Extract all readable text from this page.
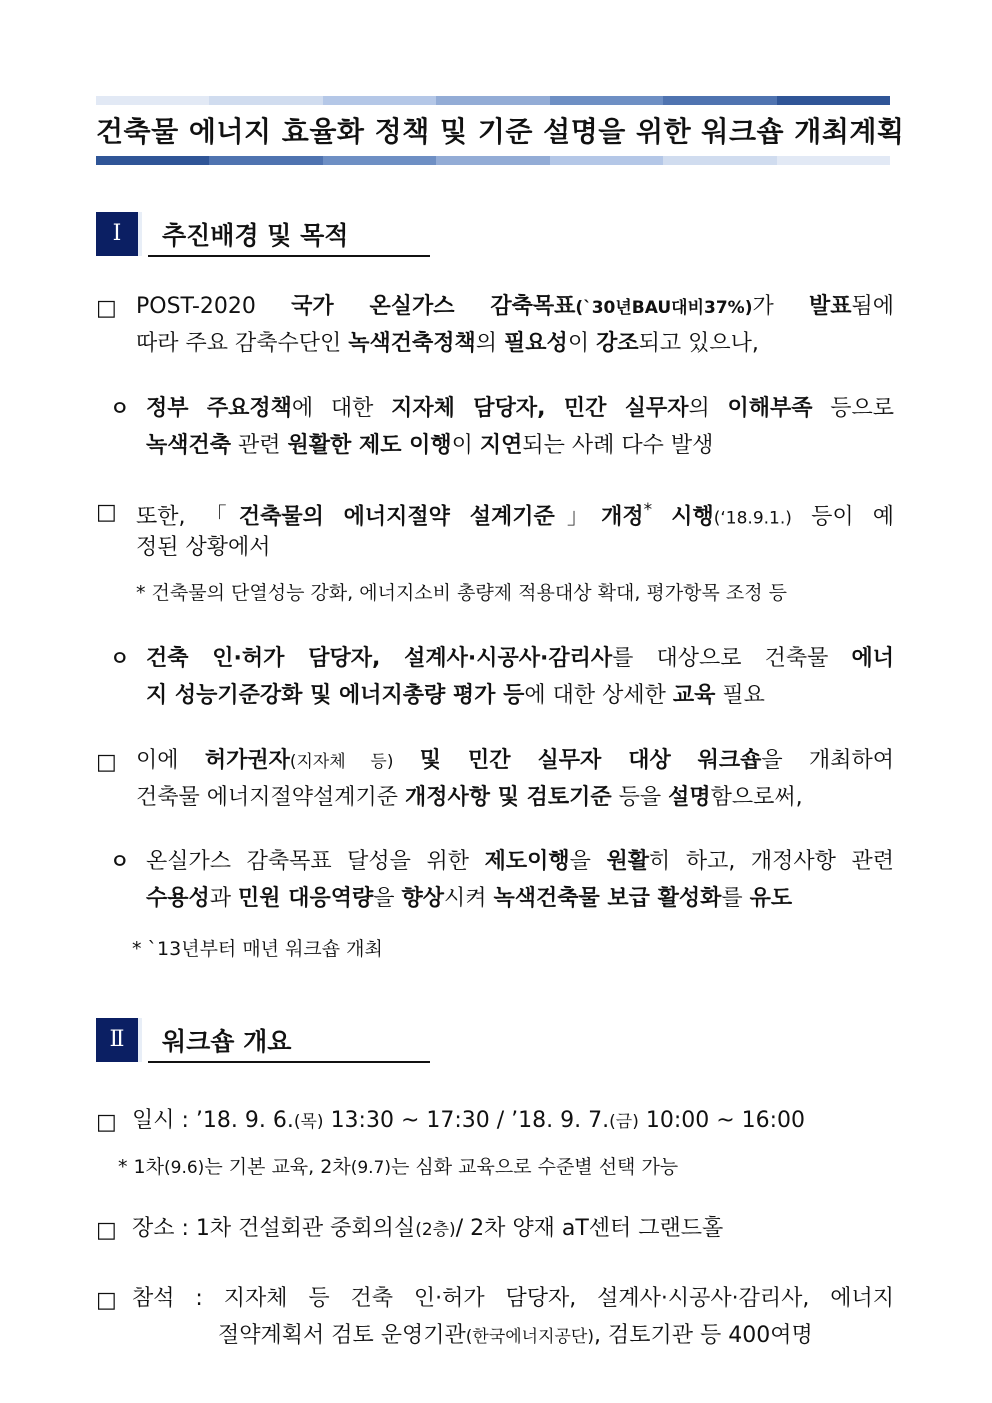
건축물 에너지 효율화 정책 및 기준 설명을 위한 워크숍 개최계획
Ⅰ	추진배경 및 목적
□ POST-2020 국가 온실가스 감축목표(`30년BAU대비37%)가 발표됨에
따라 주요 감축수단인 녹색건축정책의 필요성이 강조되고 있으나,
ㅇ 정부 주요정책에 대한 지자체 담당자, 민간 실무자의 이해부족 등으로
녹색건축 관련 원활한 제도 이행이 지연되는 사례 다수 발생
□ 또한, 「건축물의 에너지절약 설계기준」개정* 시행(‘18.9.1.) 등이 예
정된 상황에서
* 건축물의 단열성능 강화, 에너지소비 총량제 적용대상 확대, 평가항목 조정 등
ㅇ 건축 인·허가 담당자, 설계사·시공사·감리사를 대상으로 건축물 에너
지 성능기준강화 및 에너지총량 평가 등에 대한 상세한 교육 필요
□ 이에 허가권자(지자체 등) 및 민간 실무자 대상 워크숍을 개최하여
건축물 에너지절약설계기준 개정사항 및 검토기준 등을 설명함으로써,
ㅇ 온실가스 감축목표 달성을 위한 제도이행을 원활히 하고, 개정사항 관련
수용성과 민원 대응역량을 향상시켜 녹색건축물 보급 활성화를 유도
* `13년부터 매년 워크숍 개최
Ⅱ	워크숍 개요
□ 일시 : ’18. 9. 6.(목) 13:30 ~ 17:30 / ’18. 9. 7.(금) 10:00 ~ 16:00
* 1차(9.6)는 기본 교육, 2차(9.7)는 심화 교육으로 수준별 선택 가능
□ 장소 : 1차 건설회관 중회의실(2층)/ 2차 양재 aT센터 그랜드홀
□ 참석 : 지자체 등 건축 인·허가 담당자, 설계사·시공사·감리사, 에너지
절약계획서 검토 운영기관(한국에너지공단), 검토기관 등 400여명
